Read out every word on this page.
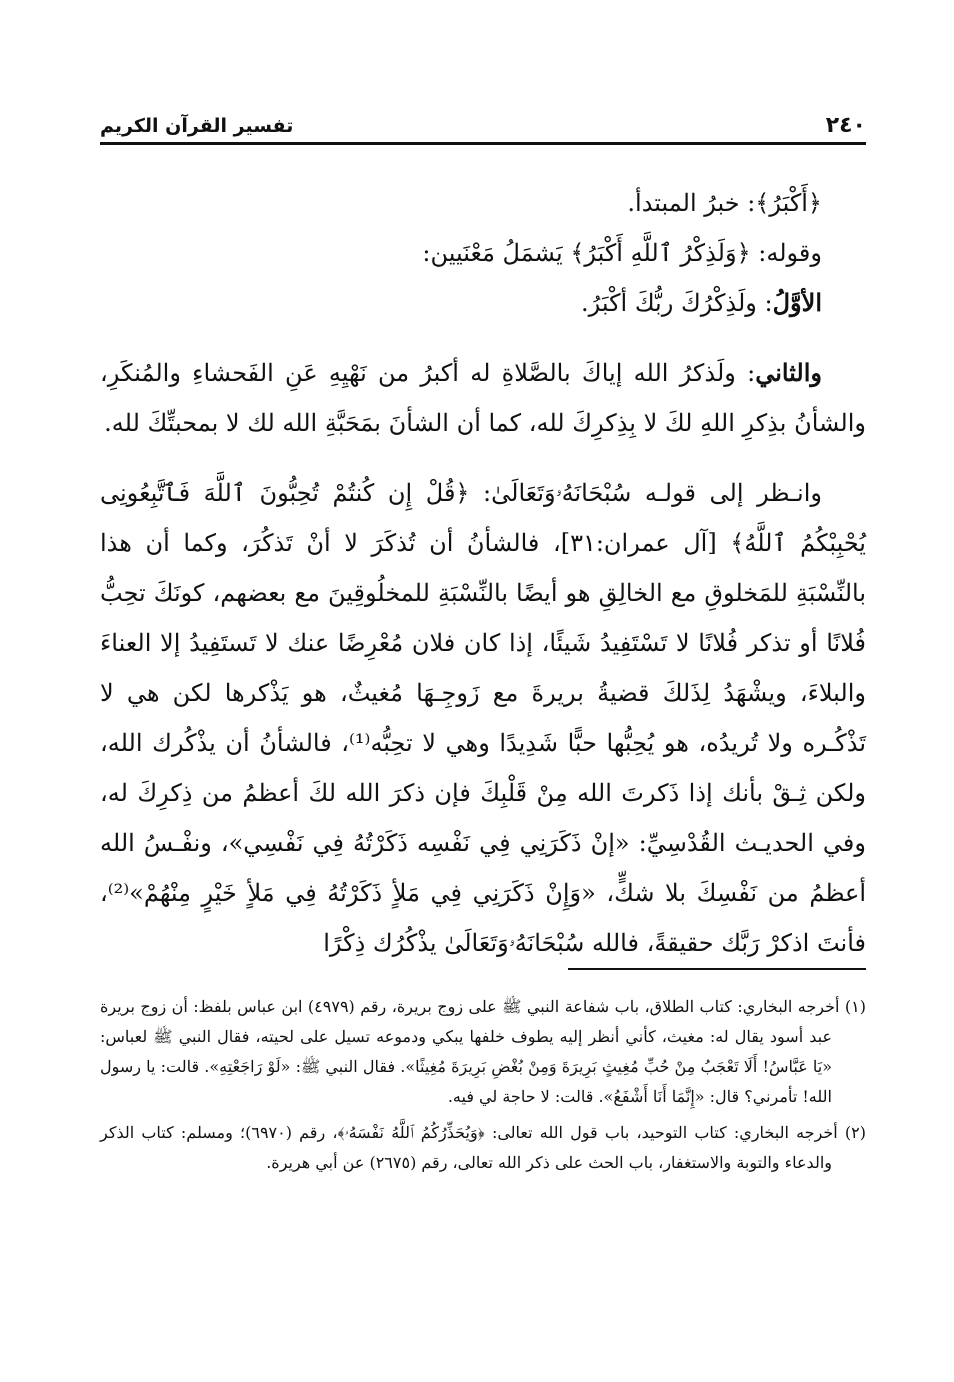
٢٤٠
تفسير القرآن الكريم

﴿أَكْبَرُ﴾: خبرُ المبتدأ.

وقوله: ﴿وَلَذِكْرُ ٱللَّهِ أَكْبَرُ﴾ يَشمَلُ مَعْنَيين:

الأوَّلُ: ولَذِكْرُكَ ربُّكَ أكْبَرُ.

والثاني: ولَذكرُ الله إياكَ بالصَّلاةِ له أكبرُ من نَهْيِهِ عَنِ الفَحشاءِ والمُنكَرِ، والشأنُ بذِكرِ اللهِ لكَ لا بِذِكرِكَ لله، كما أن الشأنَ بمَحَبَّةِ الله لك لا بمحبتِّكَ لله.

وانـظر إلى قولـه سُبْحَانَهُۥوَتَعَالَىٰ: ﴿قُلْ إِن كُنتُمْ تُحِبُّونَ ٱللَّهَ فَٱتَّبِعُونِى يُحْبِبْكُمُ ٱللَّهُ﴾ [آل عمران:٣١]، فالشأنُ أن تُذكَرَ لا أنْ تَذكُرَ، وكما أن هذا بالنِّسْبَةِ للمَخلوقِ مع الخالِقِ هو أيضًا بالنِّسْبَةِ للمخلُوقِينَ مع بعضهم، كونَكَ تحِبُّ فُلانًا أو تذكر فُلانًا لا تَسْتَفِيدُ شَيئًا، إذا كان فلان مُعْرِضًا عنك لا تَستَفِيدُ إلا العناءَ والبلاءَ، ويشْهَدُ لِذَلكَ قضيةُ بريرةَ مع زَوجِـهَا مُغيثٌ، هو يَذْكرها لكن هي لا تَذْكُـره ولا تُريدُه، هو يُحِبُّها حبًّا شَدِيدًا وهي لا تحِبُّه⁽¹⁾، فالشأنُ أن يذْكُرك الله، ولكن ثِـقْ بأنك إذا ذَكرتَ الله مِنْ قَلْبِكَ فإن ذكرَ الله لكَ أعظمُ من ذِكرِكَ له، وفي الحديـث القُدْسِيِّ: «إنْ ذَكَرَنِي فِي نَفْسِه ذَكَرْتُهُ فِي نَفْسِي»، ونفْـسُ الله أعظمُ من نَفْسِكَ بلا شكٍّ، «وَإِنْ ذَكَرَنِي فِي مَلأٍ ذَكَرْتُهُ فِي مَلأٍ خَيْرٍ مِنْهُمْ»⁽²⁾، فأنتَ اذكرْ رَبَّك حقيقةً، فالله سُبْحَانَهُۥوَتَعَالَىٰ يذْكُرُك ذِكْرًا

(١) أخرجه البخاري: كتاب الطلاق، باب شفاعة النبي ﷺ على زوج بريرة، رقم (٤٩٧٩) ابن عباس بلفظ: أن زوج بريرة عبد أسود يقال له: مغيث، كأني أنظر إليه يطوف خلفها يبكي ودموعه تسيل على لحيته، فقال النبي ﷺ لعباس: «يَا عَبَّاسُ! أَلَا تَعْجَبُ مِنْ حُبِّ مُغِيثٍ بَرِيرَةَ وَمِنْ بُغْضِ بَرِيرَةَ مُغِيثًا». فقال النبي ﷺ: «لَوْ رَاجَعْتِهِ». قالت: يا رسول الله! تأمرني؟ قال: «إِنَّمَا أَنَا أَشْفَعُ». قالت: لا حاجة لي فيه.

(٢) أخرجه البخاري: كتاب التوحيد، باب قول الله تعالى: ﴿وَيُحَذِّرُكُمُ ٱللَّهُ نَفْسَهُۥ﴾، رقم (٦٩٧٠)؛ ومسلم: كتاب الذكر والدعاء والتوبة والاستغفار، باب الحث على ذكر الله تعالى، رقم (٢٦٧٥) عن أبي هريرة.
